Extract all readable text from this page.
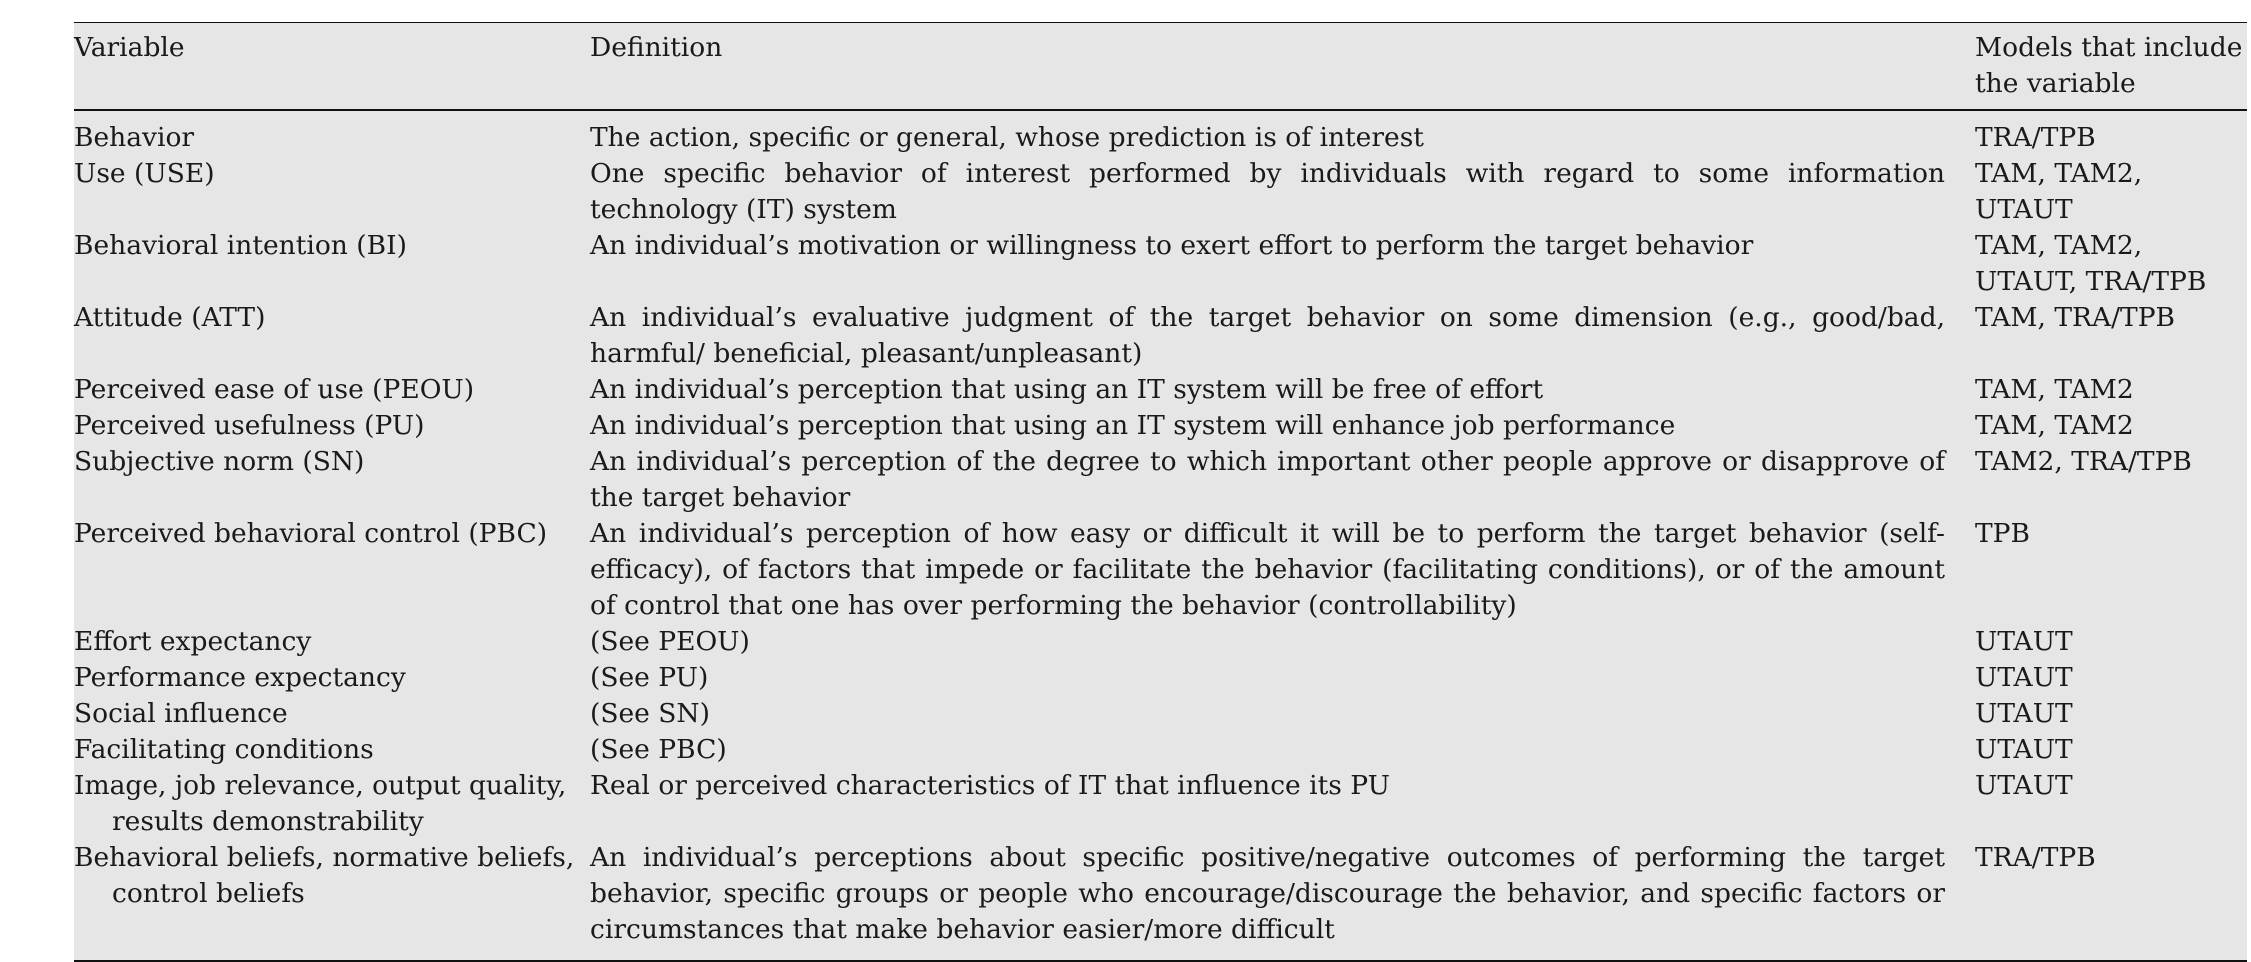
Variable	Definition	Models that include the variable

Behavior	The action, specific or general, whose prediction is of interest	TRA/TPB

Use (USE)	One specific behavior of interest performed by individuals with regard to some information technology (IT) system	TAM, TAM2, UTAUT

Behavioral intention (BI)	An individual’s motivation or willingness to exert effort to perform the target behavior	TAM, TAM2, UTAUT, TRA/TPB

Attitude (ATT)	An individual’s evaluative judgment of the target behavior on some dimension (e.g., good/bad, harmful/ beneficial, pleasant/unpleasant)	TAM, TRA/TPB

Perceived ease of use (PEOU)	An individual’s perception that using an IT system will be free of effort	TAM, TAM2

Perceived usefulness (PU)	An individual’s perception that using an IT system will enhance job performance	TAM, TAM2

Subjective norm (SN)	An individual’s perception of the degree to which important other people approve or disapprove of the target behavior	TAM2, TRA/TPB

Perceived behavioral control (PBC)	An individual’s perception of how easy or difficult it will be to perform the target behavior (self-efficacy), of factors that impede or facilitate the behavior (facilitating conditions), or of the amount of control that one has over performing the behavior (controllability)	TPB

Effort expectancy	(See PEOU)	UTAUT

Performance expectancy	(See PU)	UTAUT

Social influence	(See SN)	UTAUT

Facilitating conditions	(See PBC)	UTAUT

Image, job relevance, output quality, results demonstrability	Real or perceived characteristics of IT that influence its PU	UTAUT

Behavioral beliefs, normative beliefs, control beliefs	An individual’s perceptions about specific positive/negative outcomes of performing the target behavior, specific groups or people who encourage/discourage the behavior, and specific factors or circumstances that make behavior easier/more difficult	TRA/TPB
